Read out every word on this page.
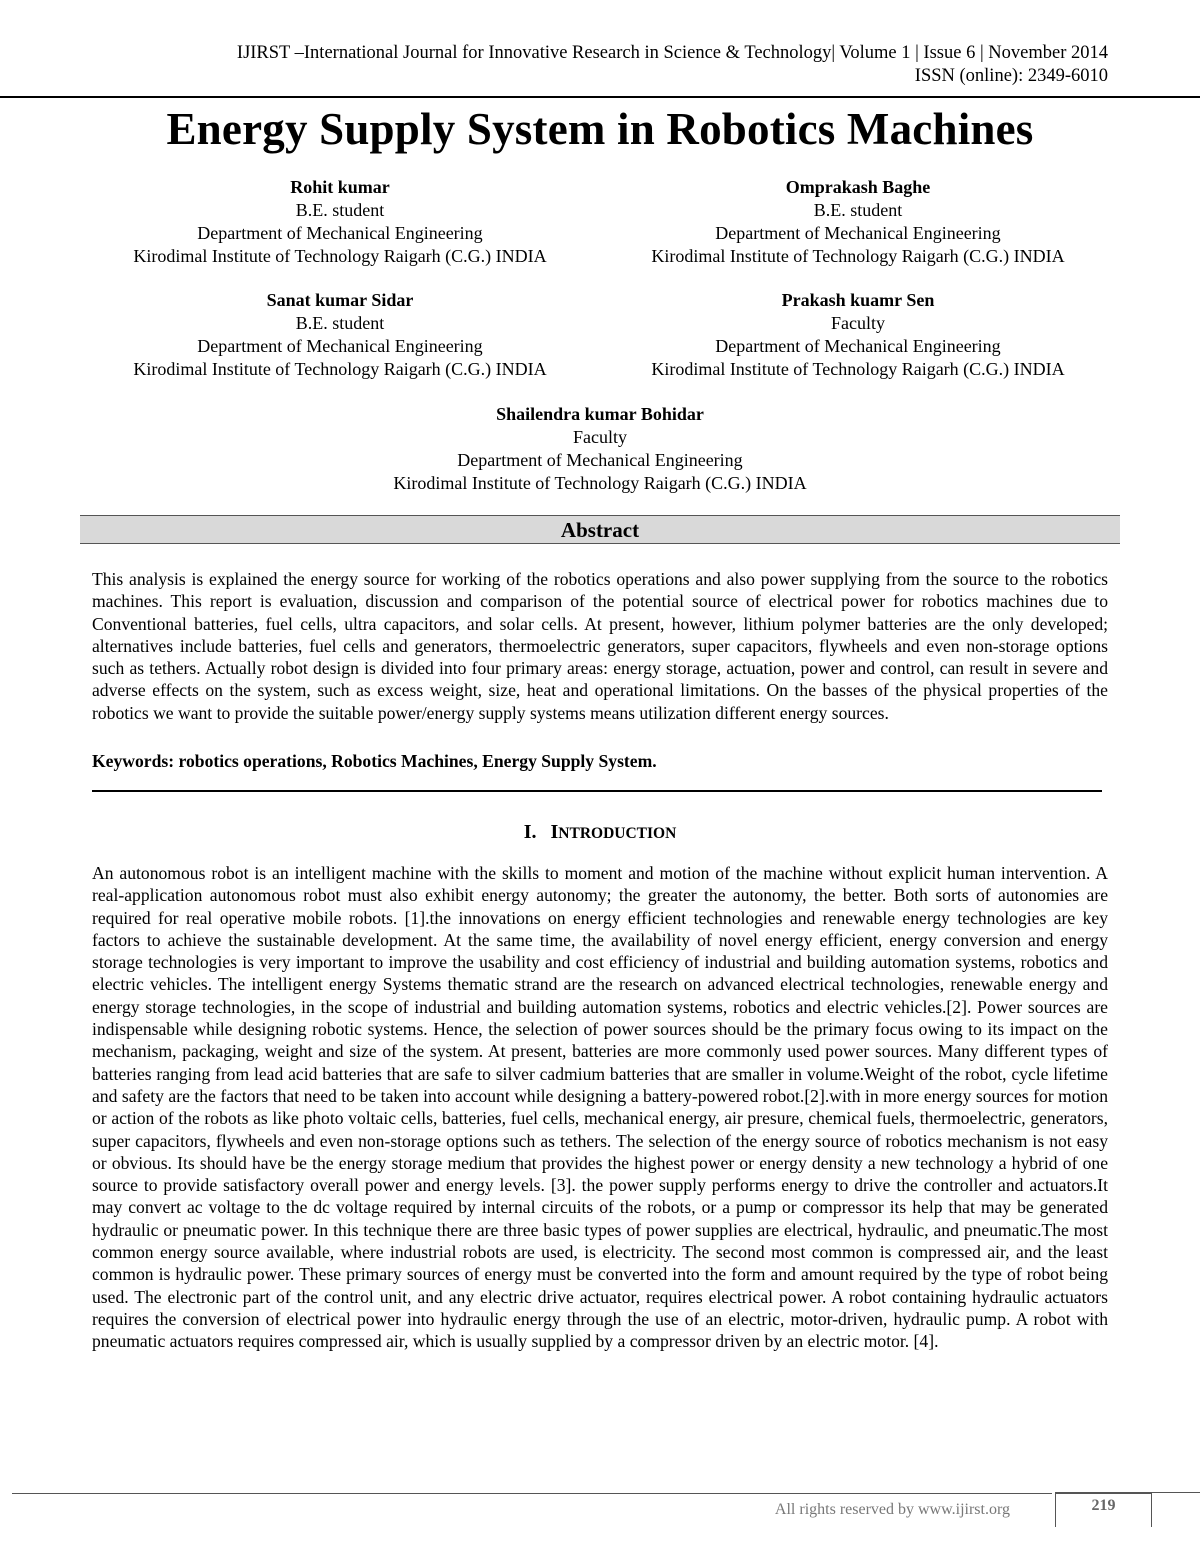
IJIRST –International Journal for Innovative Research in Science & Technology| Volume 1 | Issue 6 | November 2014
ISSN (online): 2349-6010
Energy Supply System in Robotics Machines
Rohit kumar
B.E. student
Department of Mechanical Engineering
Kirodimal Institute of Technology Raigarh (C.G.) INDIA
Omprakash Baghe
B.E. student
Department of Mechanical Engineering
Kirodimal Institute of Technology Raigarh (C.G.) INDIA
Sanat kumar Sidar
B.E. student
Department of Mechanical Engineering
Kirodimal Institute of Technology Raigarh (C.G.) INDIA
Prakash kuamr Sen
Faculty
Department of Mechanical Engineering
Kirodimal Institute of Technology Raigarh (C.G.) INDIA
Shailendra kumar Bohidar
Faculty
Department of Mechanical Engineering
Kirodimal Institute of Technology Raigarh (C.G.) INDIA
Abstract
This analysis is explained the energy source for working of the robotics operations and also power supplying from the source to the robotics machines. This report is evaluation, discussion and comparison of the potential source of electrical power for robotics machines due to Conventional batteries, fuel cells, ultra capacitors, and solar cells. At present, however, lithium polymer batteries are the only developed; alternatives include batteries, fuel cells and generators, thermoelectric generators, super capacitors, flywheels and even non-storage options such as tethers. Actually robot design is divided into four primary areas: energy storage, actuation, power and control, can result in severe and adverse effects on the system, such as excess weight, size, heat and operational limitations. On the basses of the physical properties of the robotics we want to provide the suitable power/energy supply systems means utilization different energy sources.
Keywords: robotics operations, Robotics Machines, Energy Supply System.
I. INTRODUCTION
An autonomous robot is an intelligent machine with the skills to moment and motion of the machine without explicit human intervention. A real-application autonomous robot must also exhibit energy autonomy; the greater the autonomy, the better. Both sorts of autonomies are required for real operative mobile robots. [1].the innovations on energy efficient technologies and renewable energy technologies are key factors to achieve the sustainable development. At the same time, the availability of novel energy efficient, energy conversion and energy storage technologies is very important to improve the usability and cost efficiency of industrial and building automation systems, robotics and electric vehicles. The intelligent energy Systems thematic strand are the research on advanced electrical technologies, renewable energy and energy storage technologies, in the scope of industrial and building automation systems, robotics and electric vehicles.[2]. Power sources are indispensable while designing robotic systems. Hence, the selection of power sources should be the primary focus owing to its impact on the mechanism, packaging, weight and size of the system. At present, batteries are more commonly used power sources. Many different types of batteries ranging from lead acid batteries that are safe to silver cadmium batteries that are smaller in volume.Weight of the robot, cycle lifetime and safety are the factors that need to be taken into account while designing a battery-powered robot.[2].with in more energy sources for motion or action of the robots as like photo voltaic cells, batteries, fuel cells, mechanical energy, air presure, chemical fuels, thermoelectric, generators, super capacitors, flywheels and even non-storage options such as tethers. The selection of the energy source of robotics mechanism is not easy or obvious. Its should have be the energy storage medium that provides the highest power or energy density a new technology a hybrid of one source to provide satisfactory overall power and energy levels. [3]. the power supply performs energy to drive the controller and actuators.It may convert ac voltage to the dc voltage required by internal circuits of the robots, or a pump or compressor its help that may be generated hydraulic or pneumatic power. In this technique there are three basic types of power supplies are electrical, hydraulic, and pneumatic.The most common energy source available, where industrial robots are used, is electricity. The second most common is compressed air, and the least common is hydraulic power. These primary sources of energy must be converted into the form and amount required by the type of robot being used. The electronic part of the control unit, and any electric drive actuator, requires electrical power. A robot containing hydraulic actuators requires the conversion of electrical power into hydraulic energy through the use of an electric, motor-driven, hydraulic pump. A robot with pneumatic actuators requires compressed air, which is usually supplied by a compressor driven by an electric motor. [4].
All rights reserved by www.ijirst.org	219
